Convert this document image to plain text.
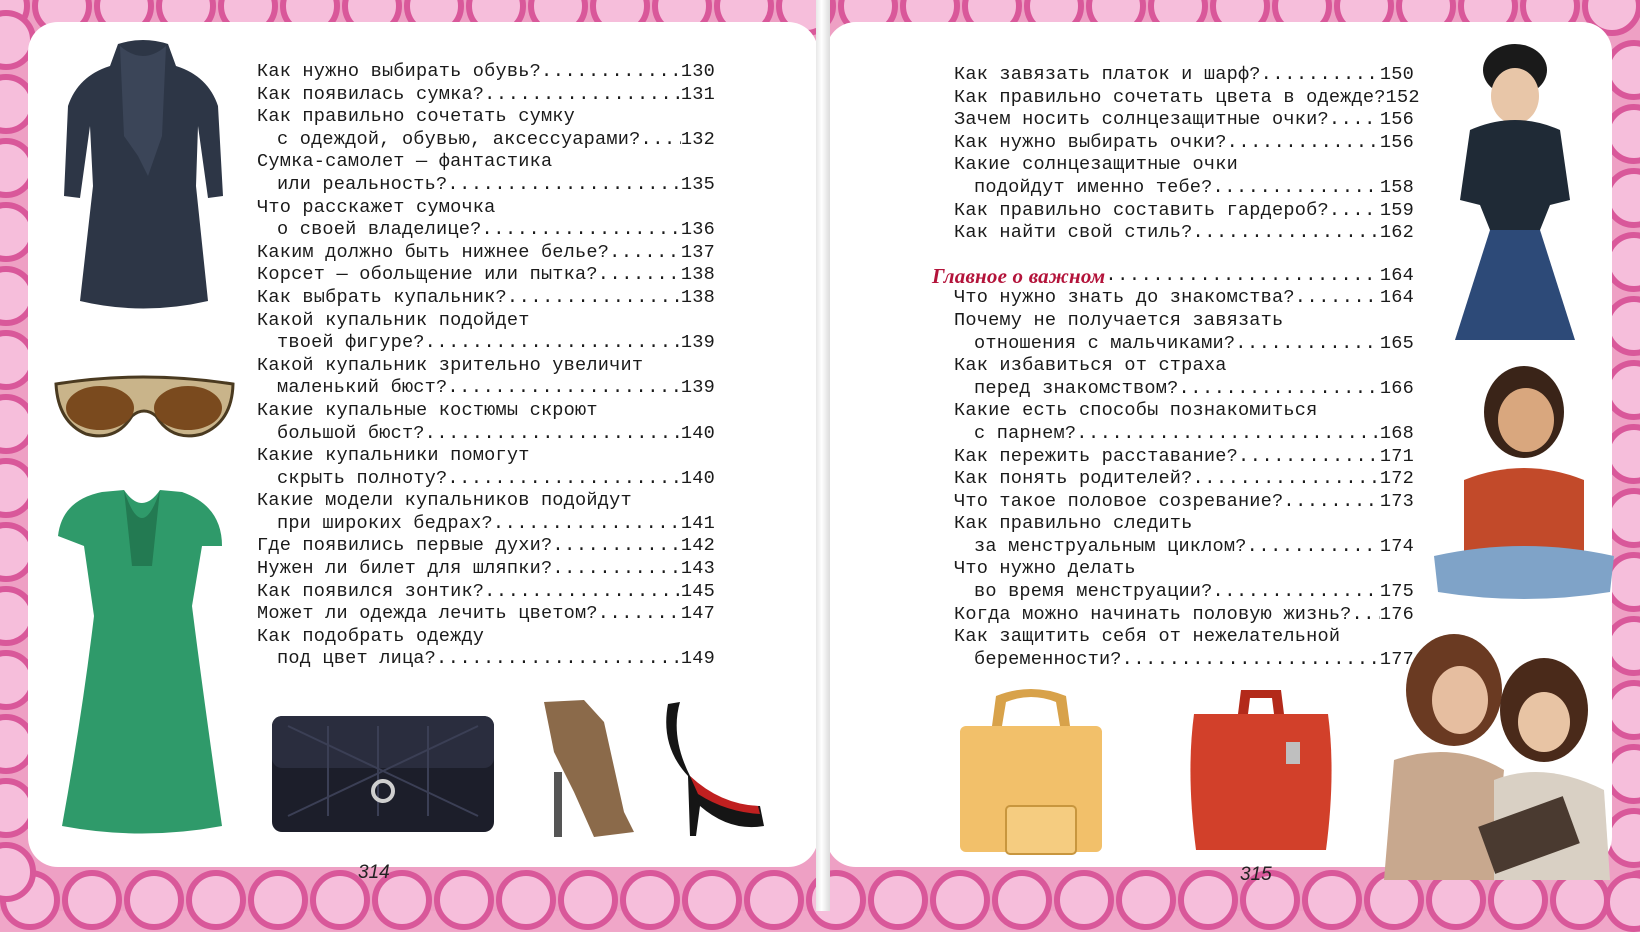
Как нужно выбирать обувь? .....	130
Как появилась сумка? .....	131
Как правильно сочетать сумку
с одеждой, обувью, аксессуарами? ..... 132
Сумка-самолет — фантастика
или реальность? .....	135
Что расскажет сумочка
о своей владелице? .....	136
Каким должно быть нижнее белье? .....	137
Корсет — обольщение или пытка? .....	138
Как выбрать купальник? .....	138
Какой купальник подойдет
твоей фигуре? .....	139
Какой купальник зрительно увеличит
маленький бюст? .....	139
Какие купальные костюмы скроют
большой бюст? .....	140
Какие купальники помогут
скрыть полноту? .....	140
Какие модели купальников подойдут
при широких бедрах? .....	141
Где появились первые духи? .....	142
Нужен ли билет для шляпки? .....	143
Как появился зонтик? .....	145
Может ли одежда лечить цветом? .....	147
Как подобрать одежду
под цвет лица? .....	149
Как завязать платок и шарф? .....	150
Как правильно сочетать цвета в одежде? 152
Зачем носить солнцезащитные очки? .....	156
Как нужно выбирать очки? .....	156
Какие солнцезащитные очки
подойдут именно тебе? .....	158
Как правильно составить гардероб? .....	159
Как найти свой стиль? .....	162
Главное о важном .....	164
Что нужно знать до знакомства? .....	164
Почему не получается завязать
отношения с мальчиками? .....	165
Как избавиться от страха
перед знакомством? .....	166
Какие есть способы познакомиться
с парнем? .....	168
Как пережить расставание? .....	171
Как понять родителей? .....	172
Что такое половое созревание? .....	173
Как правильно следить
за менструальным циклом? .....	174
Что нужно делать
во время менструации? .....	175
Когда можно начинать половую жизнь? ..... 176
Как защитить себя от нежелательной
беременности? .....	177
314	315
